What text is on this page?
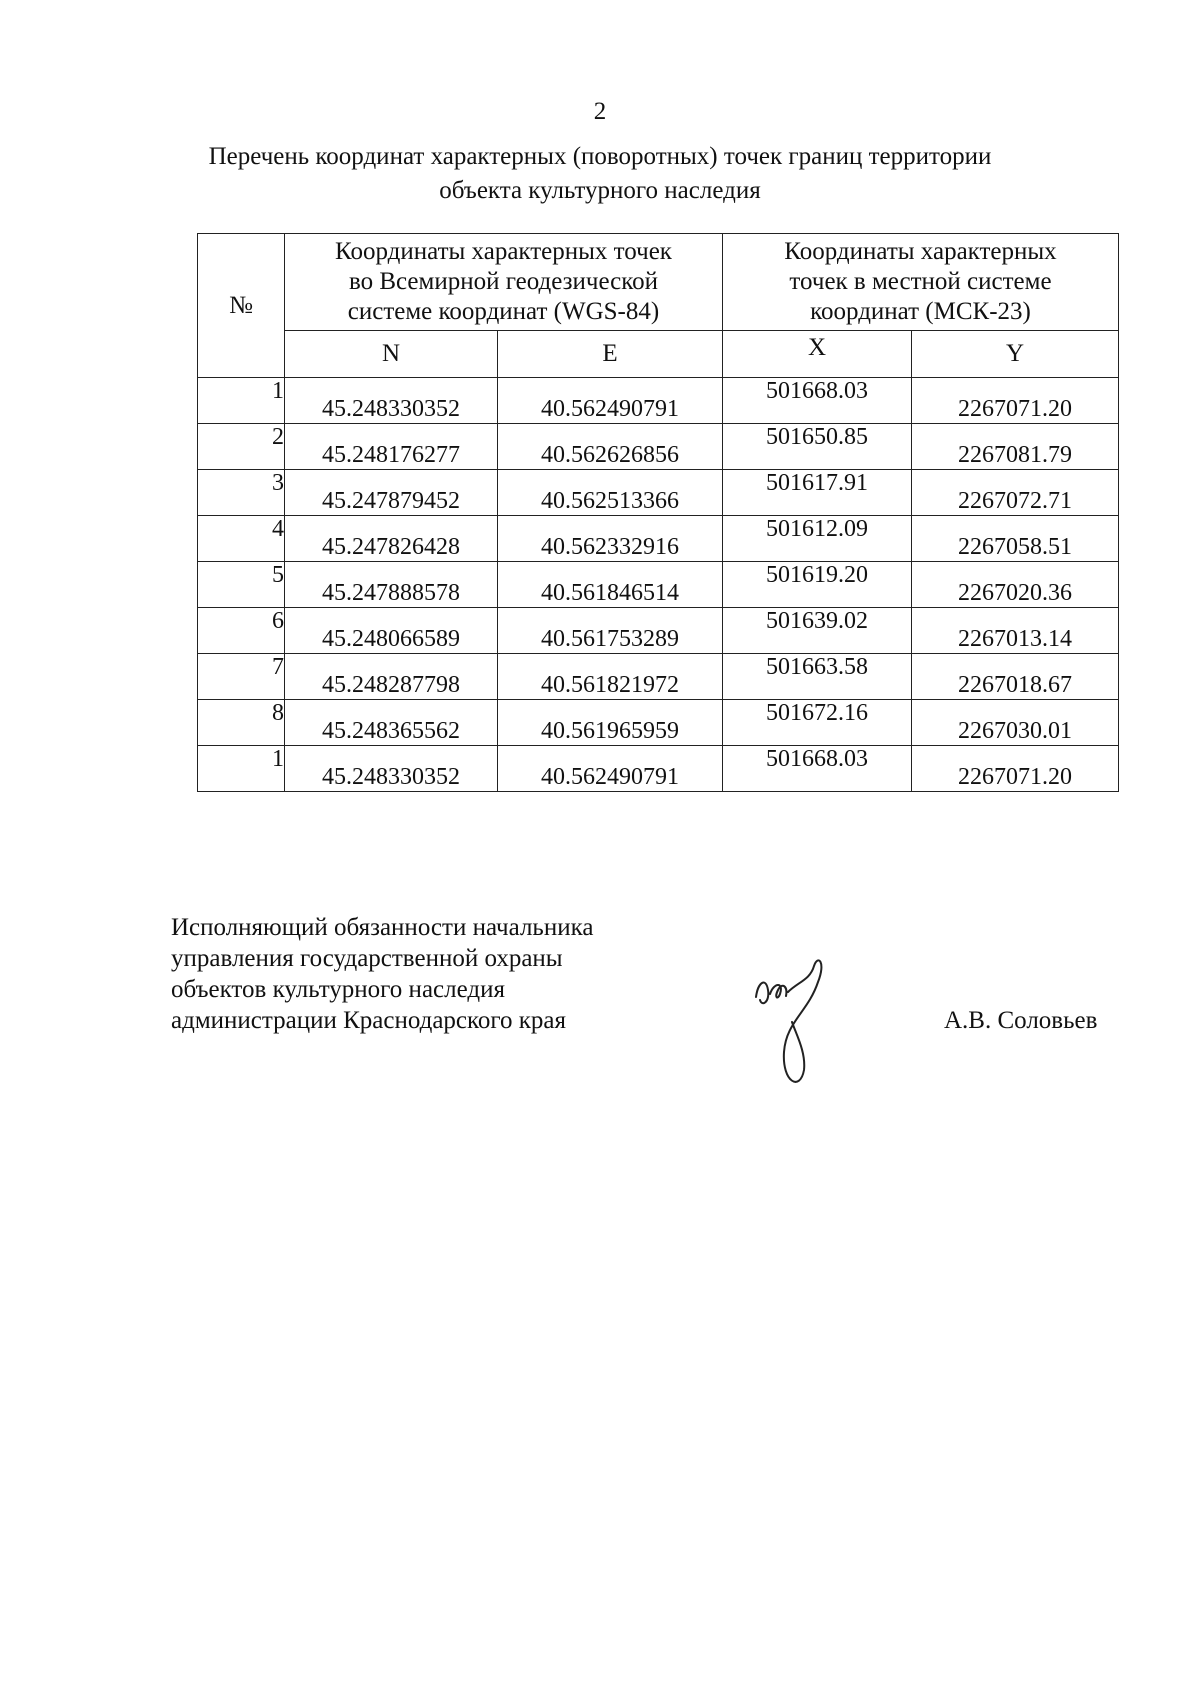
2
Перечень координат характерных (поворотных) точек границ территории
объекта культурного наследия
№	Координаты характерных точек
во Всемирной геодезической
системе координат (WGS-84)		Координаты характерных
точек в местной системе
координат (МСК-23)	

	N	E	X	Y
1	45.248330352	40.562490791	501668.03	2267071.20
2	45.248176277	40.562626856	501650.85	2267081.79
3	45.247879452	40.562513366	501617.91	2267072.71
4	45.247826428	40.562332916	501612.09	2267058.51
5	45.247888578	40.561846514	501619.20	2267020.36
6	45.248066589	40.561753289	501639.02	2267013.14
7	45.248287798	40.561821972	501663.58	2267018.67
8	45.248365562	40.561965959	501672.16	2267030.01
1	45.248330352	40.562490791	501668.03	2267071.20
Исполняющий обязанности начальника
управления государственной охраны
объектов культурного наследия
администрации Краснодарского края	А.В. Соловьев
